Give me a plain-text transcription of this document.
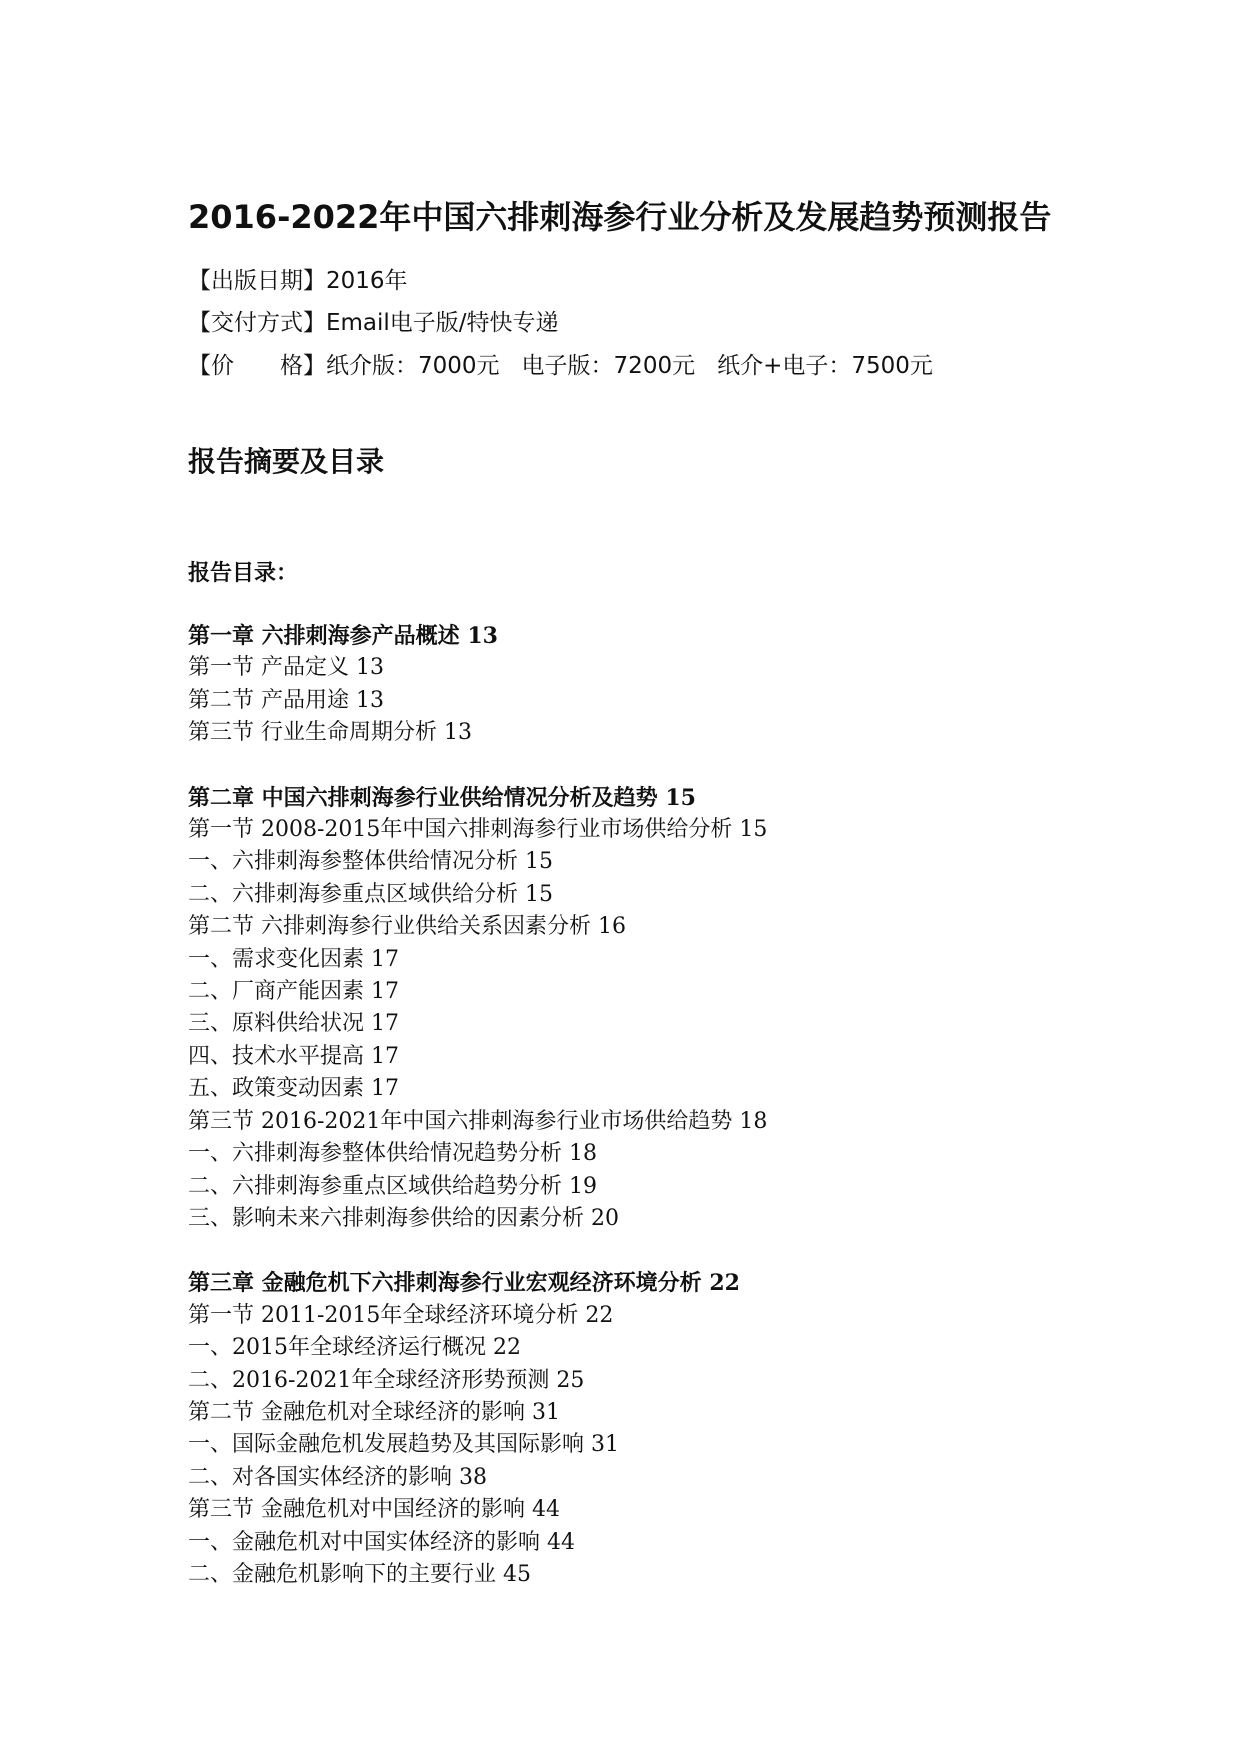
2016-2022年中国六排刺海参行业分析及发展趋势预测报告
【出版日期】2016年
【交付方式】Email电子版/特快专递
【价　　格】纸介版：7000元 电子版：7200元 纸介+电子：7500元
报告摘要及目录
报告目录：
第一章 六排刺海参产品概述 13
第一节 产品定义 13
第二节 产品用途 13
第三节 行业生命周期分析 13
第二章 中国六排刺海参行业供给情况分析及趋势 15
第一节 2008-2015年中国六排刺海参行业市场供给分析 15
一、六排刺海参整体供给情况分析 15
二、六排刺海参重点区域供给分析 15
第二节 六排刺海参行业供给关系因素分析 16
一、需求变化因素 17
二、厂商产能因素 17
三、原料供给状况 17
四、技术水平提高 17
五、政策变动因素 17
第三节 2016-2021年中国六排刺海参行业市场供给趋势 18
一、六排刺海参整体供给情况趋势分析 18
二、六排刺海参重点区域供给趋势分析 19
三、影响未来六排刺海参供给的因素分析 20
第三章 金融危机下六排刺海参行业宏观经济环境分析 22
第一节 2011-2015年全球经济环境分析 22
一、2015年全球经济运行概况 22
二、2016-2021年全球经济形势预测 25
第二节 金融危机对全球经济的影响 31
一、国际金融危机发展趋势及其国际影响 31
二、对各国实体经济的影响 38
第三节 金融危机对中国经济的影响 44
一、金融危机对中国实体经济的影响 44
二、金融危机影响下的主要行业 45
